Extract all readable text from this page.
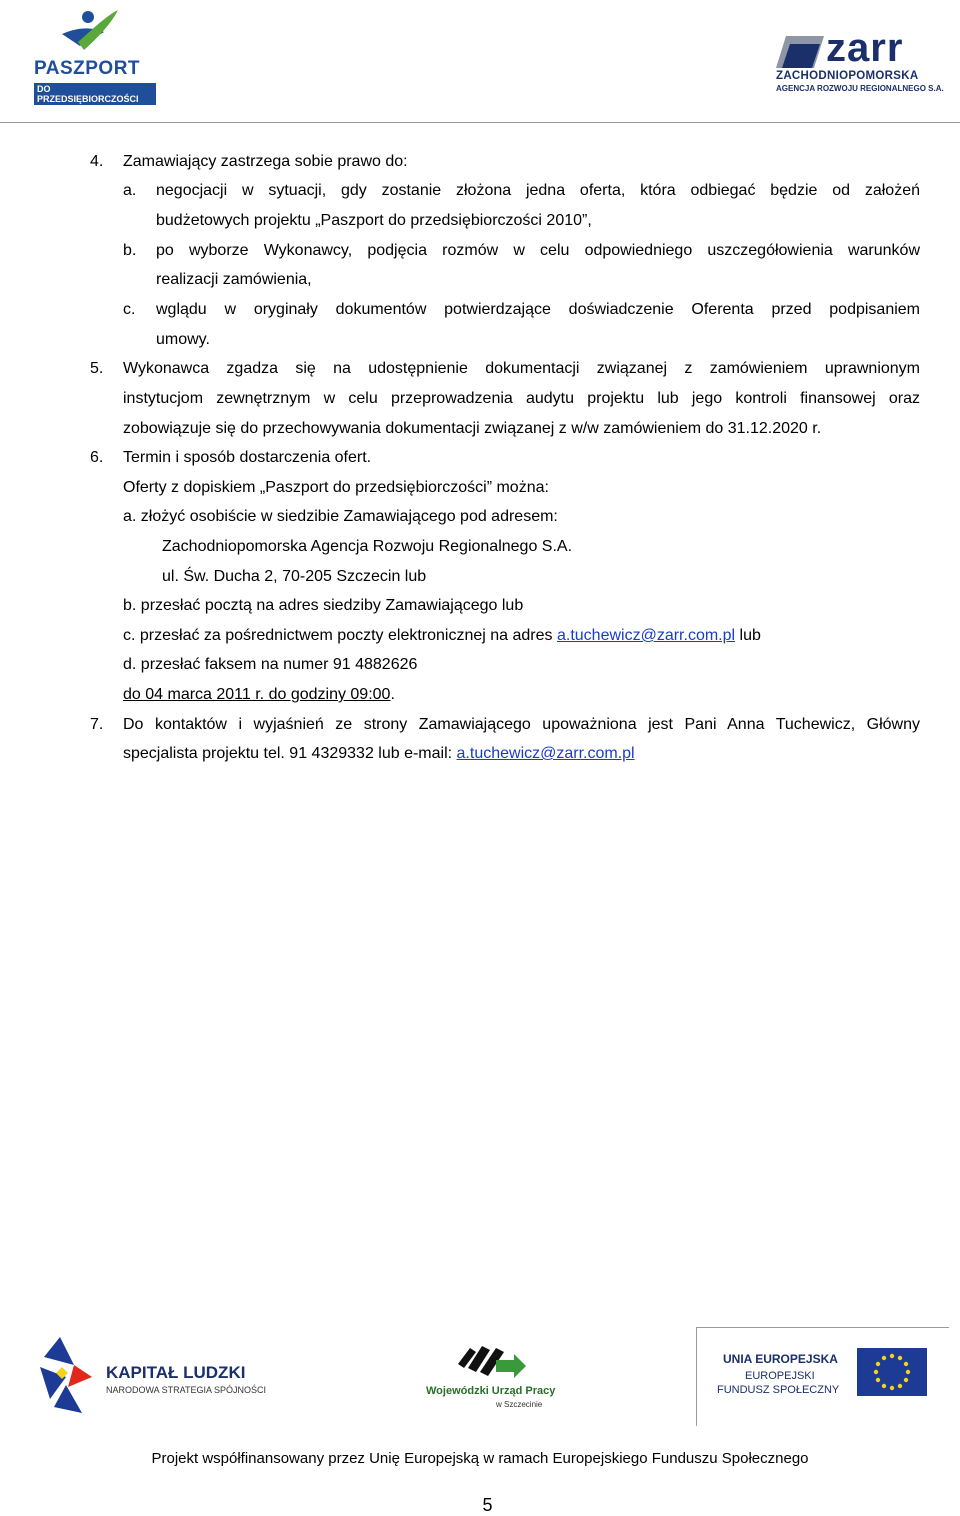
PASZPORT
DO PRZEDSIĘBIORCZOŚCI
zarr
ZACHODNIOPOMORSKA
AGENCJA ROZWOJU REGIONALNEGO S.A.
4. Zamawiający zastrzega sobie prawo do:
a. negocjacji w sytuacji, gdy zostanie złożona jedna oferta, która odbiegać będzie od założeń
budżetowych projektu „Paszport do przedsiębiorczości 2010”,
b. po wyborze Wykonawcy, podjęcia rozmów w celu odpowiedniego uszczegółowienia warunków
realizacji zamówienia,
c. wglądu w oryginały dokumentów potwierdzające doświadczenie Oferenta przed podpisaniem
umowy.
5. Wykonawca zgadza się na udostępnienie dokumentacji związanej z zamówieniem uprawnionym
instytucjom zewnętrznym w celu przeprowadzenia audytu projektu lub jego kontroli finansowej oraz
zobowiązuje się do przechowywania dokumentacji związanej z w/w zamówieniem do 31.12.2020 r.
6. Termin i sposób dostarczenia ofert.
Oferty z dopiskiem „Paszport do przedsiębiorczości” można:
a. złożyć osobiście w siedzibie Zamawiającego pod adresem:
Zachodniopomorska Agencja Rozwoju Regionalnego S.A.
ul. Św. Ducha 2, 70-205 Szczecin lub
b. przesłać pocztą na adres siedziby Zamawiającego lub
c. przesłać za pośrednictwem poczty elektronicznej na adres a.tuchewicz@zarr.com.pl lub
d. przesłać faksem na numer 91 4882626
do 04 marca 2011 r. do godziny 09:00.
7. Do kontaktów i wyjaśnień ze strony Zamawiającego upoważniona jest Pani Anna Tuchewicz, Główny
specjalista projektu tel. 91 4329332 lub e-mail: a.tuchewicz@zarr.com.pl
KAPITAŁ LUDZKI
NARODOWA STRATEGIA SPÓJNOŚCI	Wojewódzki Urząd Pracy
w Szczecinie
UNIA EUROPEJSKA
EUROPEJSKI
FUNDUSZ SPOŁECZNY
Projekt współfinansowany przez Unię Europejską w ramach Europejskiego Funduszu Społecznego
5
